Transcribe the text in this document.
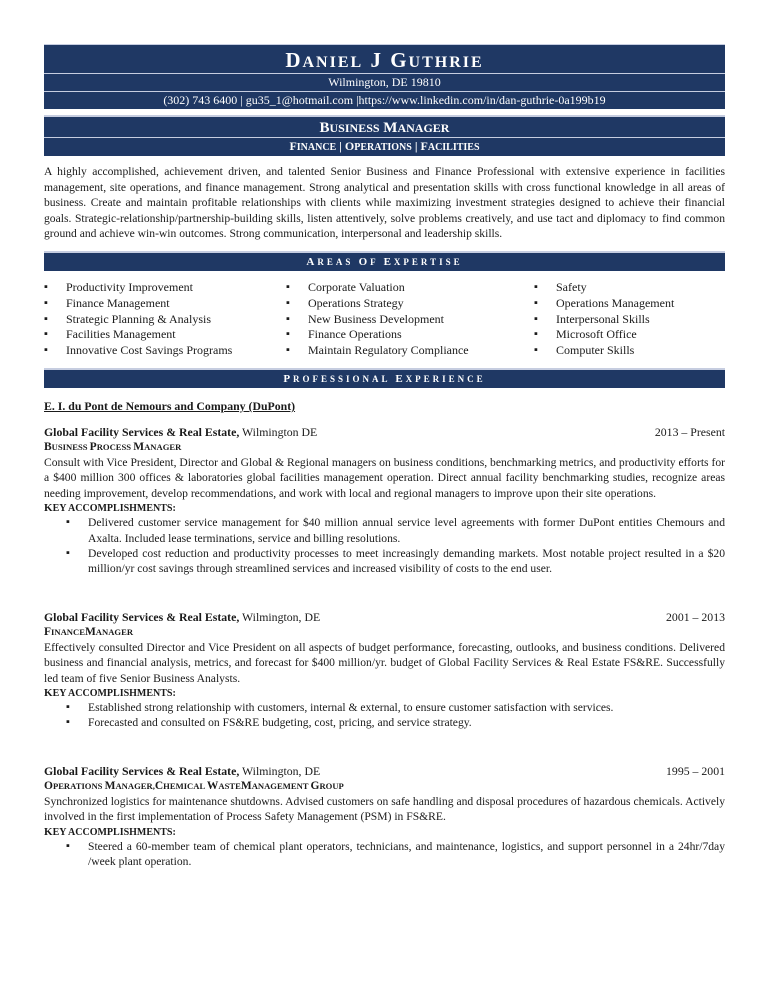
DANIEL J GUTHRIE
Wilmington, DE 19810
(302) 743 6400 | gu35_1@hotmail.com |https://www.linkedin.com/in/dan-guthrie-0a199b19
BUSINESS MANAGER
FINANCE | OPERATIONS | FACILITIES
A highly accomplished, achievement driven, and talented Senior Business and Finance Professional with extensive experience in facilities management, site operations, and finance management. Strong analytical and presentation skills with cross functional knowledge in all areas of business. Create and maintain profitable relationships with clients while maximizing investment strategies designed to achieve their financial goals. Strategic-relationship/partnership-building skills, listen attentively, solve problems creatively, and use tact and diplomacy to find common ground and achieve win-win outcomes. Strong communication, interpersonal and leadership skills.
AREAS OF EXPERTISE
▪ Productivity Improvement
▪ Finance Management
▪ Strategic Planning & Analysis
▪ Facilities Management
▪ Innovative Cost Savings Programs
▪ Corporate Valuation
▪ Operations Strategy
▪ New Business Development
▪ Finance Operations
▪ Maintain Regulatory Compliance
▪ Safety
▪ Operations Management
▪ Interpersonal Skills
▪ Microsoft Office
▪ Computer Skills
PROFESSIONAL EXPERIENCE
E. I. du Pont de Nemours and Company (DuPont)
Global Facility Services & Real Estate, Wilmington DE	2013 – Present
BUSINESS PROCESS MANAGER
Consult with Vice President, Director and Global & Regional managers on business conditions, benchmarking metrics, and productivity efforts for a $400 million 300 offices & laboratories global facilities management operation. Direct annual facility benchmarking studies, recognize areas needing improvement, develop recommendations, and work with local and regional managers to improve upon their site operations.
KEY ACCOMPLISHMENTS:
▪ Delivered customer service management for $40 million annual service level agreements with former DuPont entities Chemours and Axalta. Included lease terminations, service and billing resolutions.
▪ Developed cost reduction and productivity processes to meet increasingly demanding markets. Most notable project resulted in a $20 million/yr cost savings through streamlined services and increased visibility of costs to the end user.
Global Facility Services & Real Estate, Wilmington, DE	2001 – 2013
FINANCEMANAGER
Effectively consulted Director and Vice President on all aspects of budget performance, forecasting, outlooks, and business conditions. Delivered business and financial analysis, metrics, and forecast for $400 million/yr. budget of Global Facility Services & Real Estate FS&RE. Successfully led team of five Senior Business Analysts.
KEY ACCOMPLISHMENTS:
▪ Established strong relationship with customers, internal & external, to ensure customer satisfaction with services.
▪ Forecasted and consulted on FS&RE budgeting, cost, pricing, and service strategy.
Global Facility Services & Real Estate, Wilmington, DE	1995 – 2001
OPERATIONS MANAGER,CHEMICAL WASTEMANAGEMENT GROUP
Synchronized logistics for maintenance shutdowns. Advised customers on safe handling and disposal procedures of hazardous chemicals. Actively involved in the first implementation of Process Safety Management (PSM) in FS&RE.
KEY ACCOMPLISHMENTS:
▪ Steered a 60-member team of chemical plant operators, technicians, and maintenance, logistics, and support personnel in a 24hr/7day /week plant operation.
